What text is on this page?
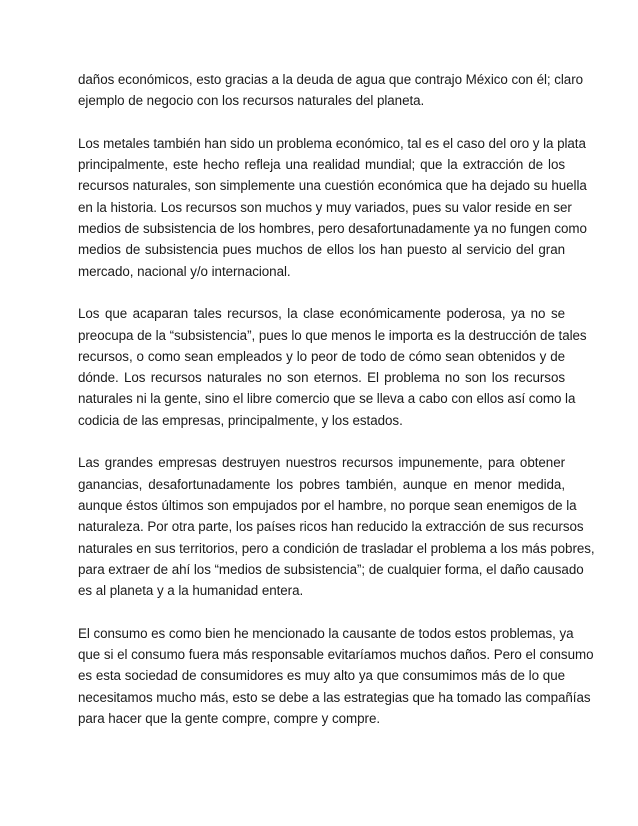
daños económicos, esto gracias a la deuda de agua que contrajo México con él; claro
ejemplo de negocio con los recursos naturales del planeta.

Los metales también han sido un problema económico, tal es el caso del oro y la plata
principalmente, este hecho refleja una realidad mundial; que la extracción de los
recursos naturales, son simplemente una cuestión económica que ha dejado su huella
en la historia. Los recursos son muchos y muy variados, pues su valor reside en ser
medios de subsistencia de los hombres, pero desafortunadamente ya no fungen como
medios de subsistencia pues muchos de ellos los han puesto al servicio del gran
mercado, nacional y/o internacional.

Los que acaparan tales recursos, la clase económicamente poderosa, ya no se
preocupa de la “subsistencia”, pues lo que menos le importa es la destrucción de tales
recursos, o como sean empleados y lo peor de todo de cómo sean obtenidos y de
dónde. Los recursos naturales no son eternos. El problema no son los recursos
naturales ni la gente, sino el libre comercio que se lleva a cabo con ellos así como la
codicia de las empresas, principalmente, y los estados.

Las grandes empresas destruyen nuestros recursos impunemente, para obtener
ganancias, desafortunadamente los pobres también, aunque en menor medida,
aunque éstos últimos son empujados por el hambre, no porque sean enemigos de la
naturaleza. Por otra parte, los países ricos han reducido la extracción de sus recursos
naturales en sus territorios, pero a condición de trasladar el problema a los más pobres,
para extraer de ahí los “medios de subsistencia”; de cualquier forma, el daño causado
es al planeta y a la humanidad entera.

El consumo es como bien he mencionado la causante de todos estos problemas, ya
que si el consumo fuera más responsable evitaríamos muchos daños. Pero el consumo
es esta sociedad de consumidores es muy alto ya que consumimos más de lo que
necesitamos mucho más, esto se debe a las estrategias que ha tomado las compañías
para hacer que la gente compre, compre y compre.
